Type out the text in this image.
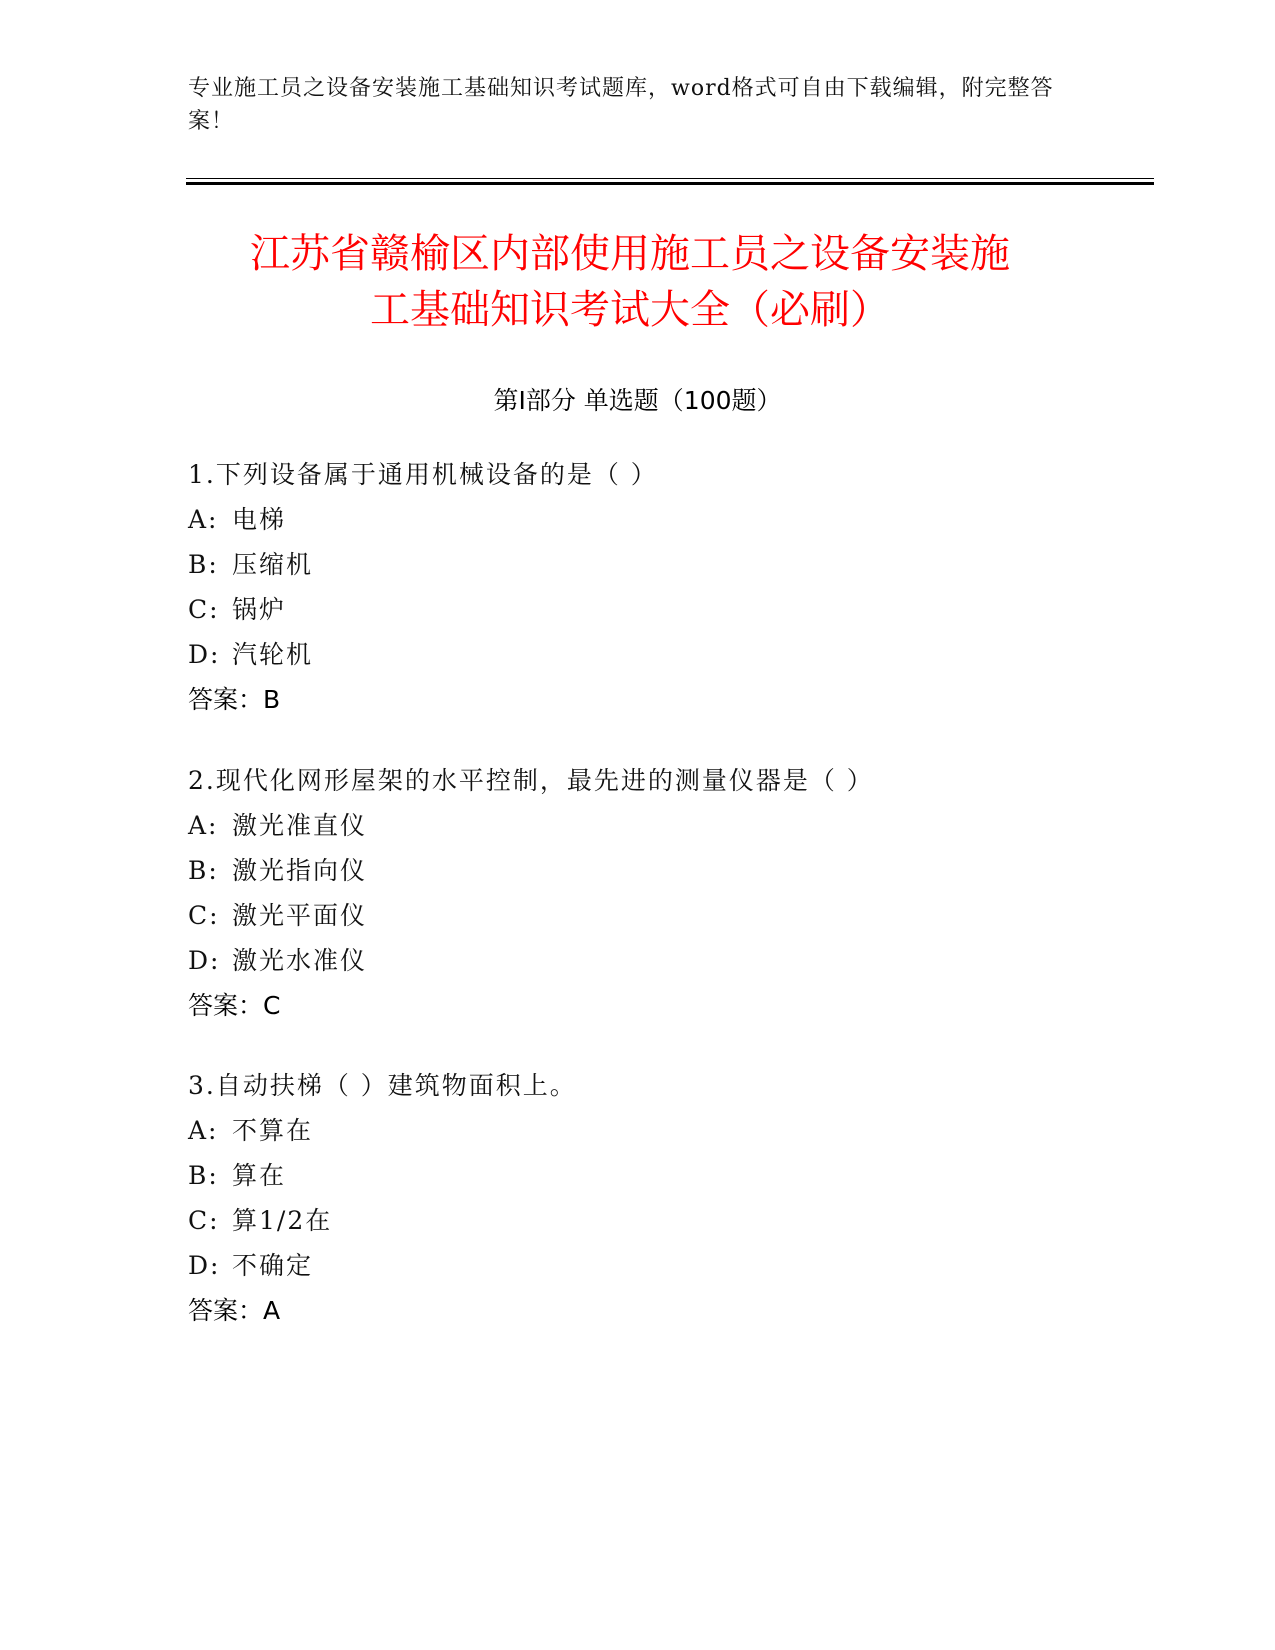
专业施工员之设备安装施工基础知识考试题库，word格式可自由下载编辑，附完整答案！
江苏省赣榆区内部使用施工员之设备安装施
工基础知识考试大全（必刷）
第Ⅰ部分 单选题（100题）
1.下列设备属于通用机械设备的是（ ）
A: 电梯
B: 压缩机
C: 锅炉
D: 汽轮机
答案：B
2.现代化网形屋架的水平控制，最先进的测量仪器是（ ）
A: 激光准直仪
B: 激光指向仪
C: 激光平面仪
D: 激光水准仪
答案：C
3.自动扶梯（ ）建筑物面积上。
A: 不算在
B: 算在
C: 算1/2在
D: 不确定
答案：A
